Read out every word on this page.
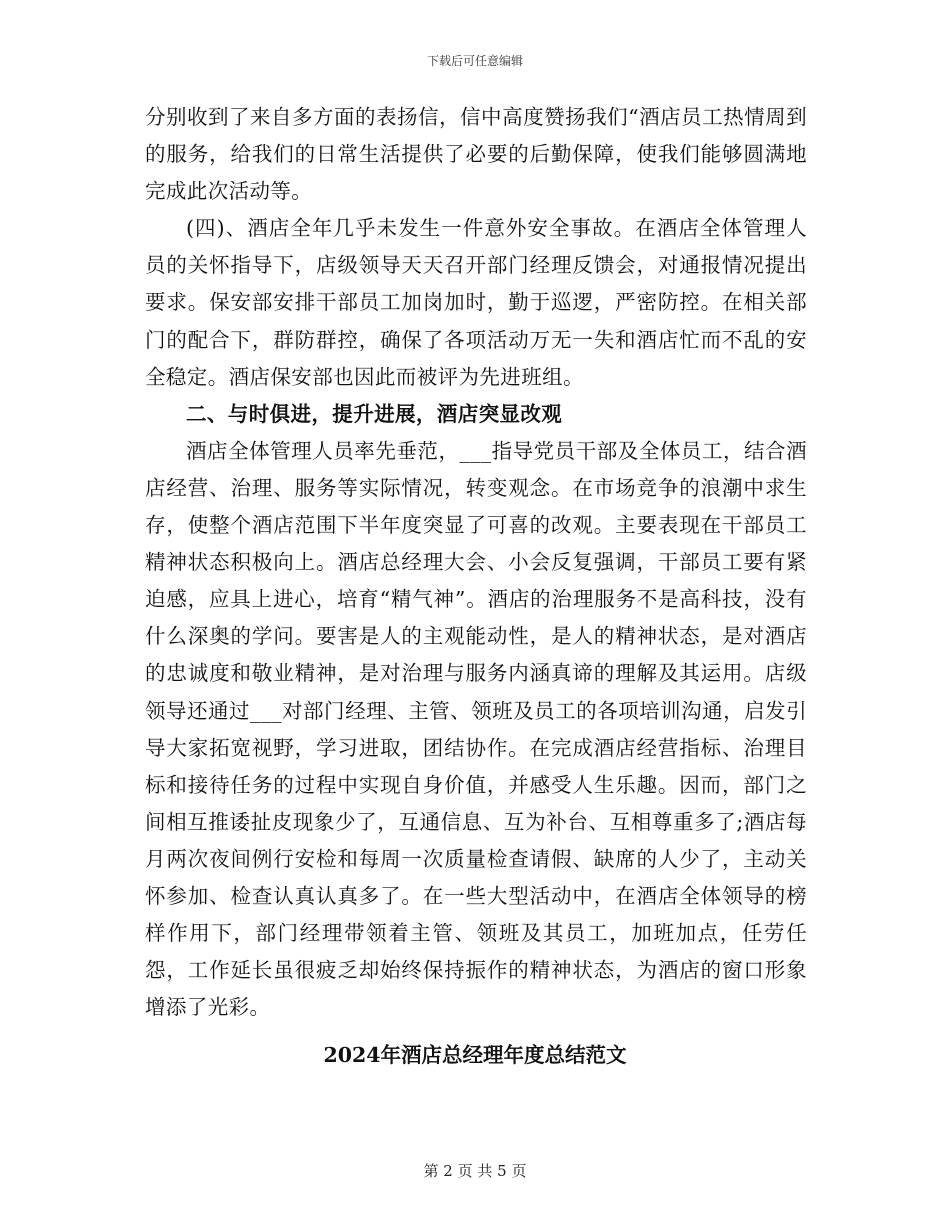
下载后可任意编辑

分别收到了来自多方面的表扬信，信中高度赞扬我们“酒店员工热情周到的服务，给我们的日常生活提供了必要的后勤保障，使我们能够圆满地完成此次活动等。

(四)、酒店全年几乎未发生一件意外安全事故。在酒店全体管理人员的关怀指导下，店级领导天天召开部门经理反馈会，对通报情况提出要求。保安部安排干部员工加岗加时，勤于巡逻，严密防控。在相关部门的配合下，群防群控，确保了各项活动万无一失和酒店忙而不乱的安全稳定。酒店保安部也因此而被评为先进班组。

二、与时俱进，提升进展，酒店突显改观

酒店全体管理人员率先垂范，___指导党员干部及全体员工，结合酒店经营、治理、服务等实际情况，转变观念。在市场竞争的浪潮中求生存，使整个酒店范围下半年度突显了可喜的改观。主要表现在干部员工精神状态积极向上。酒店总经理大会、小会反复强调，干部员工要有紧迫感，应具上进心，培育“精气神”。酒店的治理服务不是高科技，没有什么深奥的学问。要害是人的主观能动性，是人的精神状态，是对酒店的忠诚度和敬业精神，是对治理与服务内涵真谛的理解及其运用。店级领导还通过___对部门经理、主管、领班及员工的各项培训沟通，启发引导大家拓宽视野，学习进取，团结协作。在完成酒店经营指标、治理目标和接待任务的过程中实现自身价值，并感受人生乐趣。因而，部门之间相互推诿扯皮现象少了，互通信息、互为补台、互相尊重多了;酒店每月两次夜间例行安检和每周一次质量检查请假、缺席的人少了，主动关怀参加、检查认真认真多了。在一些大型活动中，在酒店全体领导的榜样作用下，部门经理带领着主管、领班及其员工，加班加点，任劳任怨，工作延长虽很疲乏却始终保持振作的精神状态，为酒店的窗口形象增添了光彩。

2024年酒店总经理年度总结范文
第 2 页 共 5 页
